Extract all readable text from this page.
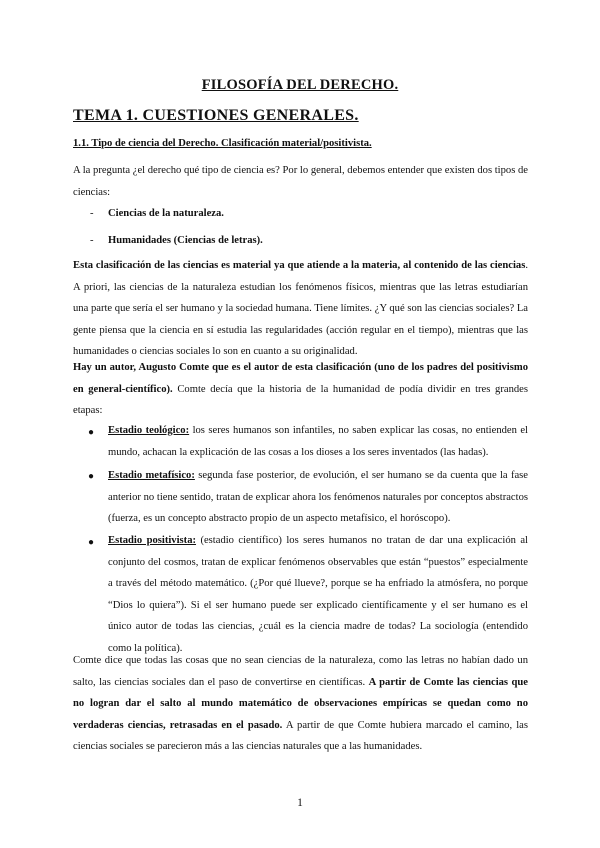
FILOSOFÍA DEL DERECHO.
TEMA 1. CUESTIONES GENERALES.
1.1. Tipo de ciencia del Derecho. Clasificación material/positivista.
A la pregunta ¿el derecho qué tipo de ciencia es? Por lo general, debemos entender que existen dos tipos de ciencias:
- Ciencias de la naturaleza.
- Humanidades (Ciencias de letras).
Esta clasificación de las ciencias es material ya que atiende a la materia, al contenido de las ciencias. A priori, las ciencias de la naturaleza estudian los fenómenos físicos, mientras que las letras estudiarían una parte que sería el ser humano y la sociedad humana. Tiene límites. ¿Y qué son las ciencias sociales? La gente piensa que la ciencia en sí estudia las regularidades (acción regular en el tiempo), mientras que las humanidades o ciencias sociales lo son en cuanto a su originalidad.
Hay un autor, Augusto Comte que es el autor de esta clasificación (uno de los padres del positivismo en general-científico). Comte decía que la historia de la humanidad de podía dividir en tres grandes etapas:
● Estadio teológico: los seres humanos son infantiles, no saben explicar las cosas, no entienden el mundo, achacan la explicación de las cosas a los dioses a los seres inventados (las hadas).
● Estadio metafísico: segunda fase posterior, de evolución, el ser humano se da cuenta que la fase anterior no tiene sentido, tratan de explicar ahora los fenómenos naturales por conceptos abstractos (fuerza, es un concepto abstracto propio de un aspecto metafísico, el horóscopo).
● Estadio positivista: (estadio científico) los seres humanos no tratan de dar una explicación al conjunto del cosmos, tratan de explicar fenómenos observables que están “puestos” especialmente a través del método matemático. (¿Por qué llueve?, porque se ha enfriado la atmósfera, no porque “Dios lo quiera”). Si el ser humano puede ser explicado científicamente y el ser humano es el único autor de todas las ciencias, ¿cuál es la ciencia madre de todas? La sociología (entendido como la política).
Comte dice que todas las cosas que no sean ciencias de la naturaleza, como las letras no habían dado un salto, las ciencias sociales dan el paso de convertirse en científicas. A partir de Comte las ciencias que no logran dar el salto al mundo matemático de observaciones empíricas se quedan como no verdaderas ciencias, retrasadas en el pasado. A partir de que Comte hubiera marcado el camino, las ciencias sociales se parecieron más a las ciencias naturales que a las humanidades.
1
